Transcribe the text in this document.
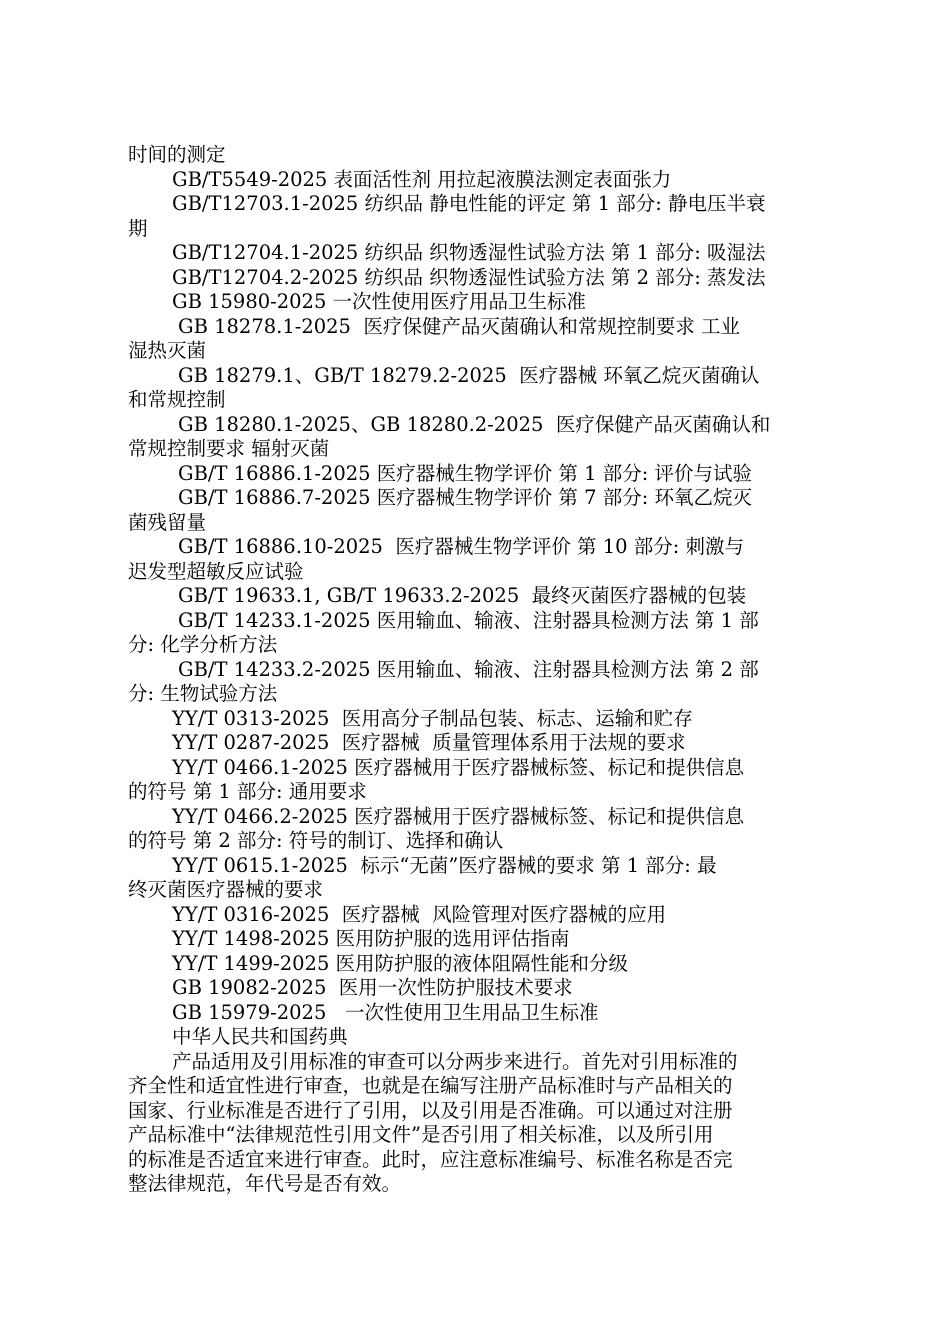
时间的测定
GB/T5549-2025 表面活性剂 用拉起液膜法测定表面张力
GB/T12703.1-2025 纺织品 静电性能的评定 第 1 部分: 静电压半衰
期
GB/T12704.1-2025 纺织品 织物透湿性试验方法 第 1 部分: 吸湿法
GB/T12704.2-2025 纺织品 织物透湿性试验方法 第 2 部分: 蒸发法
GB 15980-2025 一次性使用医疗用品卫生标准
GB 18278.1-2025  医疗保健产品灭菌确认和常规控制要求 工业
湿热灭菌
GB 18279.1、GB/T 18279.2-2025  医疗器械 环氧乙烷灭菌确认
和常规控制
GB 18280.1-2025、GB 18280.2-2025  医疗保健产品灭菌确认和
常规控制要求 辐射灭菌
GB/T 16886.1-2025 医疗器械生物学评价 第 1 部分: 评价与试验
GB/T 16886.7-2025 医疗器械生物学评价 第 7 部分: 环氧乙烷灭
菌残留量
GB/T 16886.10-2025  医疗器械生物学评价 第 10 部分: 刺激与
迟发型超敏反应试验
GB/T 19633.1, GB/T 19633.2-2025  最终灭菌医疗器械的包装
GB/T 14233.1-2025 医用输血、输液、注射器具检测方法 第 1 部
分: 化学分析方法
GB/T 14233.2-2025 医用输血、输液、注射器具检测方法 第 2 部
分: 生物试验方法
YY/T 0313-2025  医用高分子制品包装、标志、运输和贮存
YY/T 0287-2025  医疗器械  质量管理体系用于法规的要求
YY/T 0466.1-2025 医疗器械用于医疗器械标签、标记和提供信息
的符号 第 1 部分: 通用要求
YY/T 0466.2-2025 医疗器械用于医疗器械标签、标记和提供信息
的符号 第 2 部分: 符号的制订、选择和确认
YY/T 0615.1-2025  标示“无菌”医疗器械的要求 第 1 部分: 最
终灭菌医疗器械的要求
YY/T 0316-2025  医疗器械  风险管理对医疗器械的应用
YY/T 1498-2025 医用防护服的选用评估指南
YY/T 1499-2025 医用防护服的液体阻隔性能和分级
GB 19082-2025  医用一次性防护服技术要求
GB 15979-2025   一次性使用卫生用品卫生标准
中华人民共和国药典
产品适用及引用标准的审查可以分两步来进行。首先对引用标准的
齐全性和适宜性进行审查，也就是在编写注册产品标准时与产品相关的
国家、行业标准是否进行了引用，以及引用是否准确。可以通过对注册
产品标准中“法律规范性引用文件”是否引用了相关标准，以及所引用
的标准是否适宜来进行审查。此时，应注意标准编号、标准名称是否完
整法律规范，年代号是否有效。
